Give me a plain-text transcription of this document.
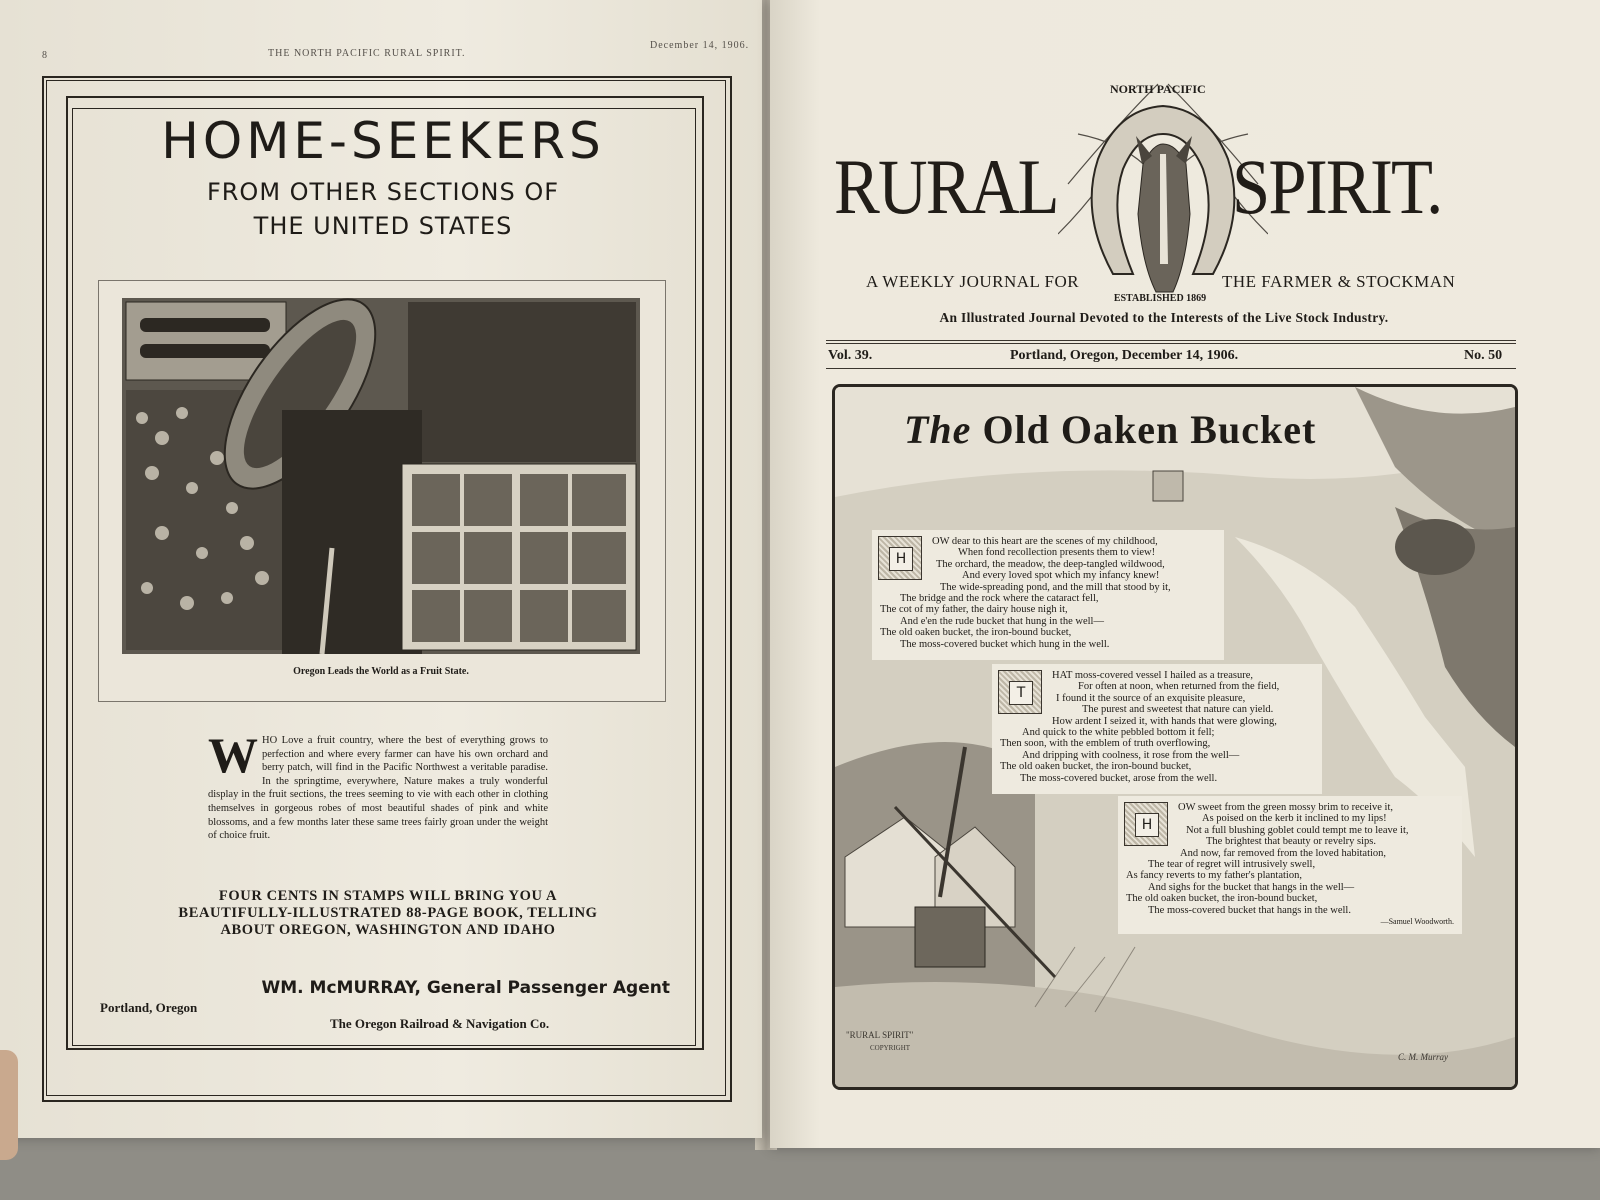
8	THE NORTH PACIFIC RURAL SPIRIT.
December 14, 1906.
HOME-SEEKERS
FROM OTHER SECTIONS OF
THE UNITED STATES
Oregon Leads the World as a Fruit State.
WHO Love a fruit country, where the best of everything grows to perfection and where every farmer can have his own orchard and berry patch, will find in the Pacific Northwest a veritable paradise. In the springtime, everywhere, Nature makes a truly wonderful display in the fruit sections, the trees seeming to vie with each other in clothing themselves in gorgeous robes of most beautiful shades of pink and white blossoms, and a few months later these same trees fairly groan under the weight of choice fruit.
FOUR CENTS IN STAMPS WILL BRING YOU A
BEAUTIFULLY-ILLUSTRATED 88-PAGE BOOK, TELLING
ABOUT OREGON, WASHINGTON AND IDAHO
WM. McMURRAY, General Passenger Agent
Portland, Oregon
The Oregon Railroad & Navigation Co.
NORTH PACIFIC
RURAL SPIRIT.
A WEEKLY JOURNAL FOR	THE FARMER & STOCKMAN
ESTABLISHED 1869
An Illustrated Journal Devoted to the Interests of the Live Stock Industry.
Vol. 39.	Portland, Oregon, December 14, 1906.	No. 50
The Old Oaken Bucket
H
OW dear to this heart are the scenes of my childhood,
When fond recollection presents them to view!
The orchard, the meadow, the deep-tangled wildwood,
And every loved spot which my infancy knew!
The wide-spreading pond, and the mill that stood by it,
The bridge and the rock where the cataract fell,
The cot of my father, the dairy house nigh it,
And e'en the rude bucket that hung in the well—
The old oaken bucket, the iron-bound bucket,
The moss-covered bucket which hung in the well.
T
HAT moss-covered vessel I hailed as a treasure,
For often at noon, when returned from the field,
I found it the source of an exquisite pleasure,
The purest and sweetest that nature can yield.
How ardent I seized it, with hands that were glowing,
And quick to the white pebbled bottom it fell;
Then soon, with the emblem of truth overflowing,
And dripping with coolness, it rose from the well—
The old oaken bucket, the iron-bound bucket,
The moss-covered bucket, arose from the well.
H
OW sweet from the green mossy brim to receive it,
As poised on the kerb it inclined to my lips!
Not a full blushing goblet could tempt me to leave it,
The brightest that beauty or revelry sips.
And now, far removed from the loved habitation,
The tear of regret will intrusively swell,
As fancy reverts to my father's plantation,
And sighs for the bucket that hangs in the well—
The old oaken bucket, the iron-bound bucket,
The moss-covered bucket that hangs in the well.
—Samuel Woodworth.
"RURAL SPIRIT"
COPYRIGHT
C. M. Murray
